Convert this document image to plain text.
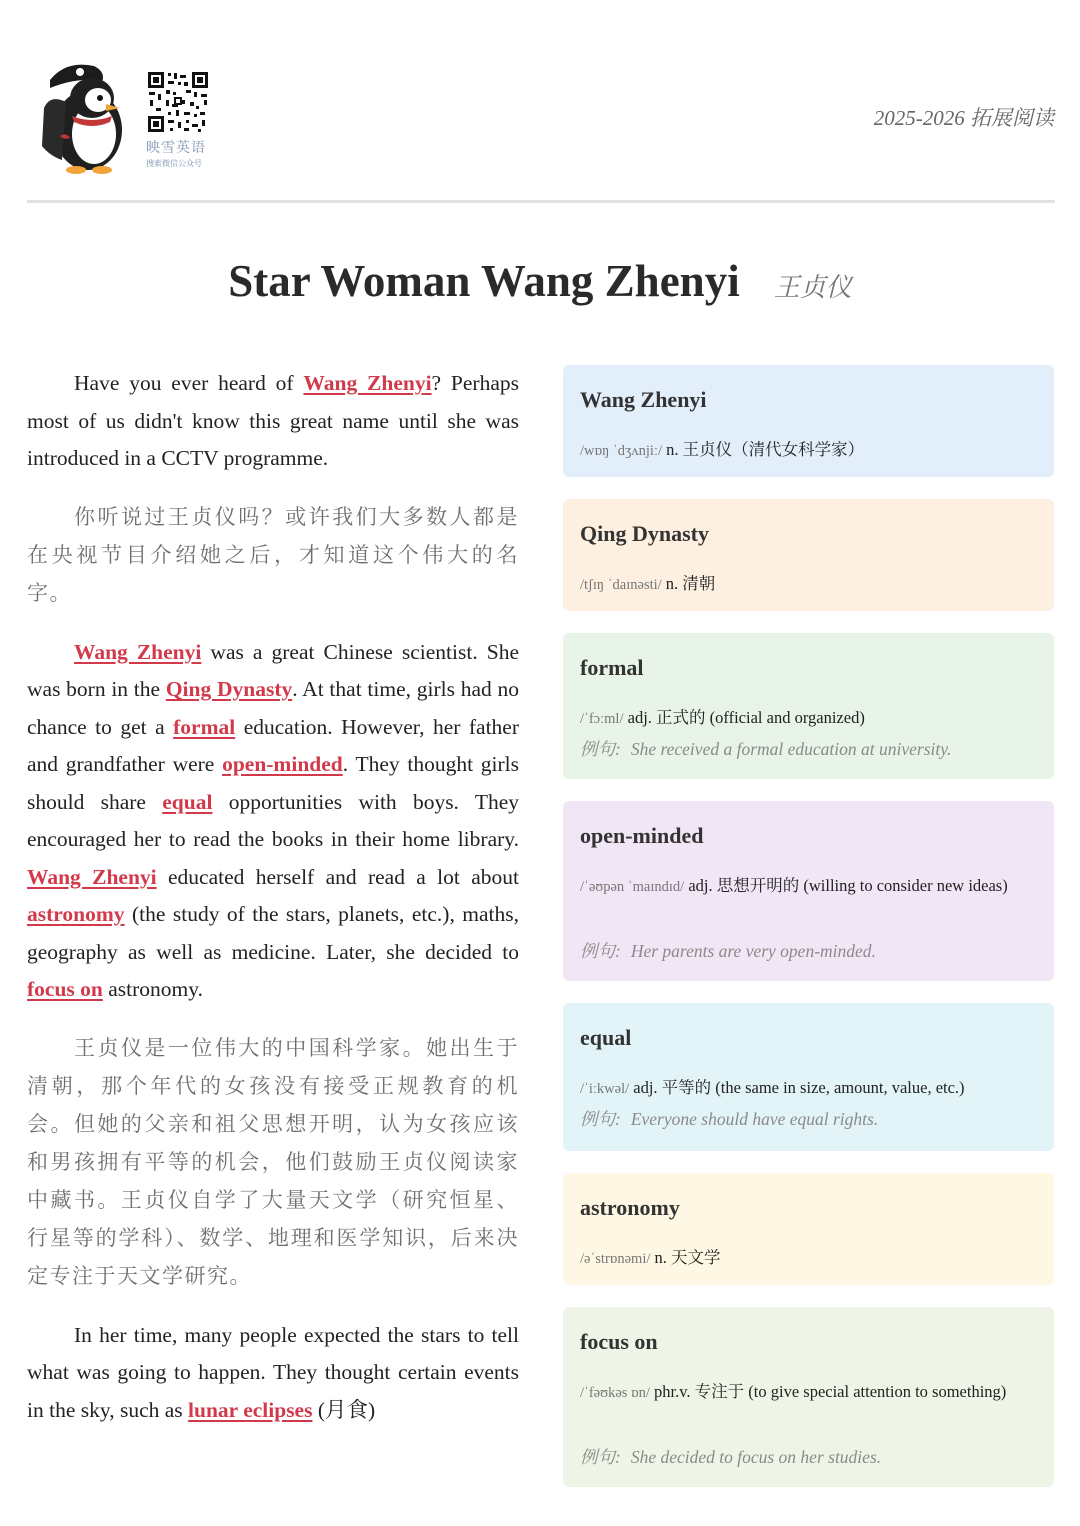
映雪英语
搜索微信公众号
2025-2026 拓展阅读
Star Woman Wang Zhenyi 王贞仪

Have you ever heard of Wang Zhenyi? Perhaps most of us didn't know this great name until she was introduced in a CCTV programme.

你听说过王贞仪吗？或许我们大多数人都是在央视节目介绍她之后，才知道这个伟大的名字。

Wang Zhenyi was a great Chinese scientist. She was born in the Qing Dynasty. At that time, girls had no chance to get a formal education. However, her father and grandfather were open-minded. They thought girls should share equal opportunities with boys. They encouraged her to read the books in their home library. Wang Zhenyi educated herself and read a lot about astronomy (the study of the stars, planets, etc.), maths, geography as well as medicine. Later, she decided to focus on astronomy.

王贞仪是一位伟大的中国科学家。她出生于清朝，那个年代的女孩没有接受正规教育的机会。但她的父亲和祖父思想开明，认为女孩应该和男孩拥有平等的机会，他们鼓励王贞仪阅读家中藏书。王贞仪自学了大量天文学（研究恒星、行星等的学科）、数学、地理和医学知识，后来决定专注于天文学研究。

In her time, many people expected the stars to tell what was going to happen. They thought certain events in the sky, such as lunar eclipses (月食)

Wang Zhenyi
/wɒŋ ˈdʒʌnjiː/ n. 王贞仪（清代女科学家）
Qing Dynasty
/tʃɪŋ ˈdaɪnəsti/ n. 清朝
formal
/ˈfɔːml/ adj. 正式的 (official and organized)
例句: She received a formal education at university.
open-minded
/ˈəʊpən ˈmaɪndɪd/ adj. 思想开明的 (willing to consider new ideas)
例句: Her parents are very open-minded.
equal
/ˈiːkwəl/ adj. 平等的 (the same in size, amount, value, etc.)
例句: Everyone should have equal rights.
astronomy
/əˈstrɒnəmi/ n. 天文学
focus on
/ˈfəʊkəs ɒn/ phr.v. 专注于 (to give special attention to something)
例句: She decided to focus on her studies.
